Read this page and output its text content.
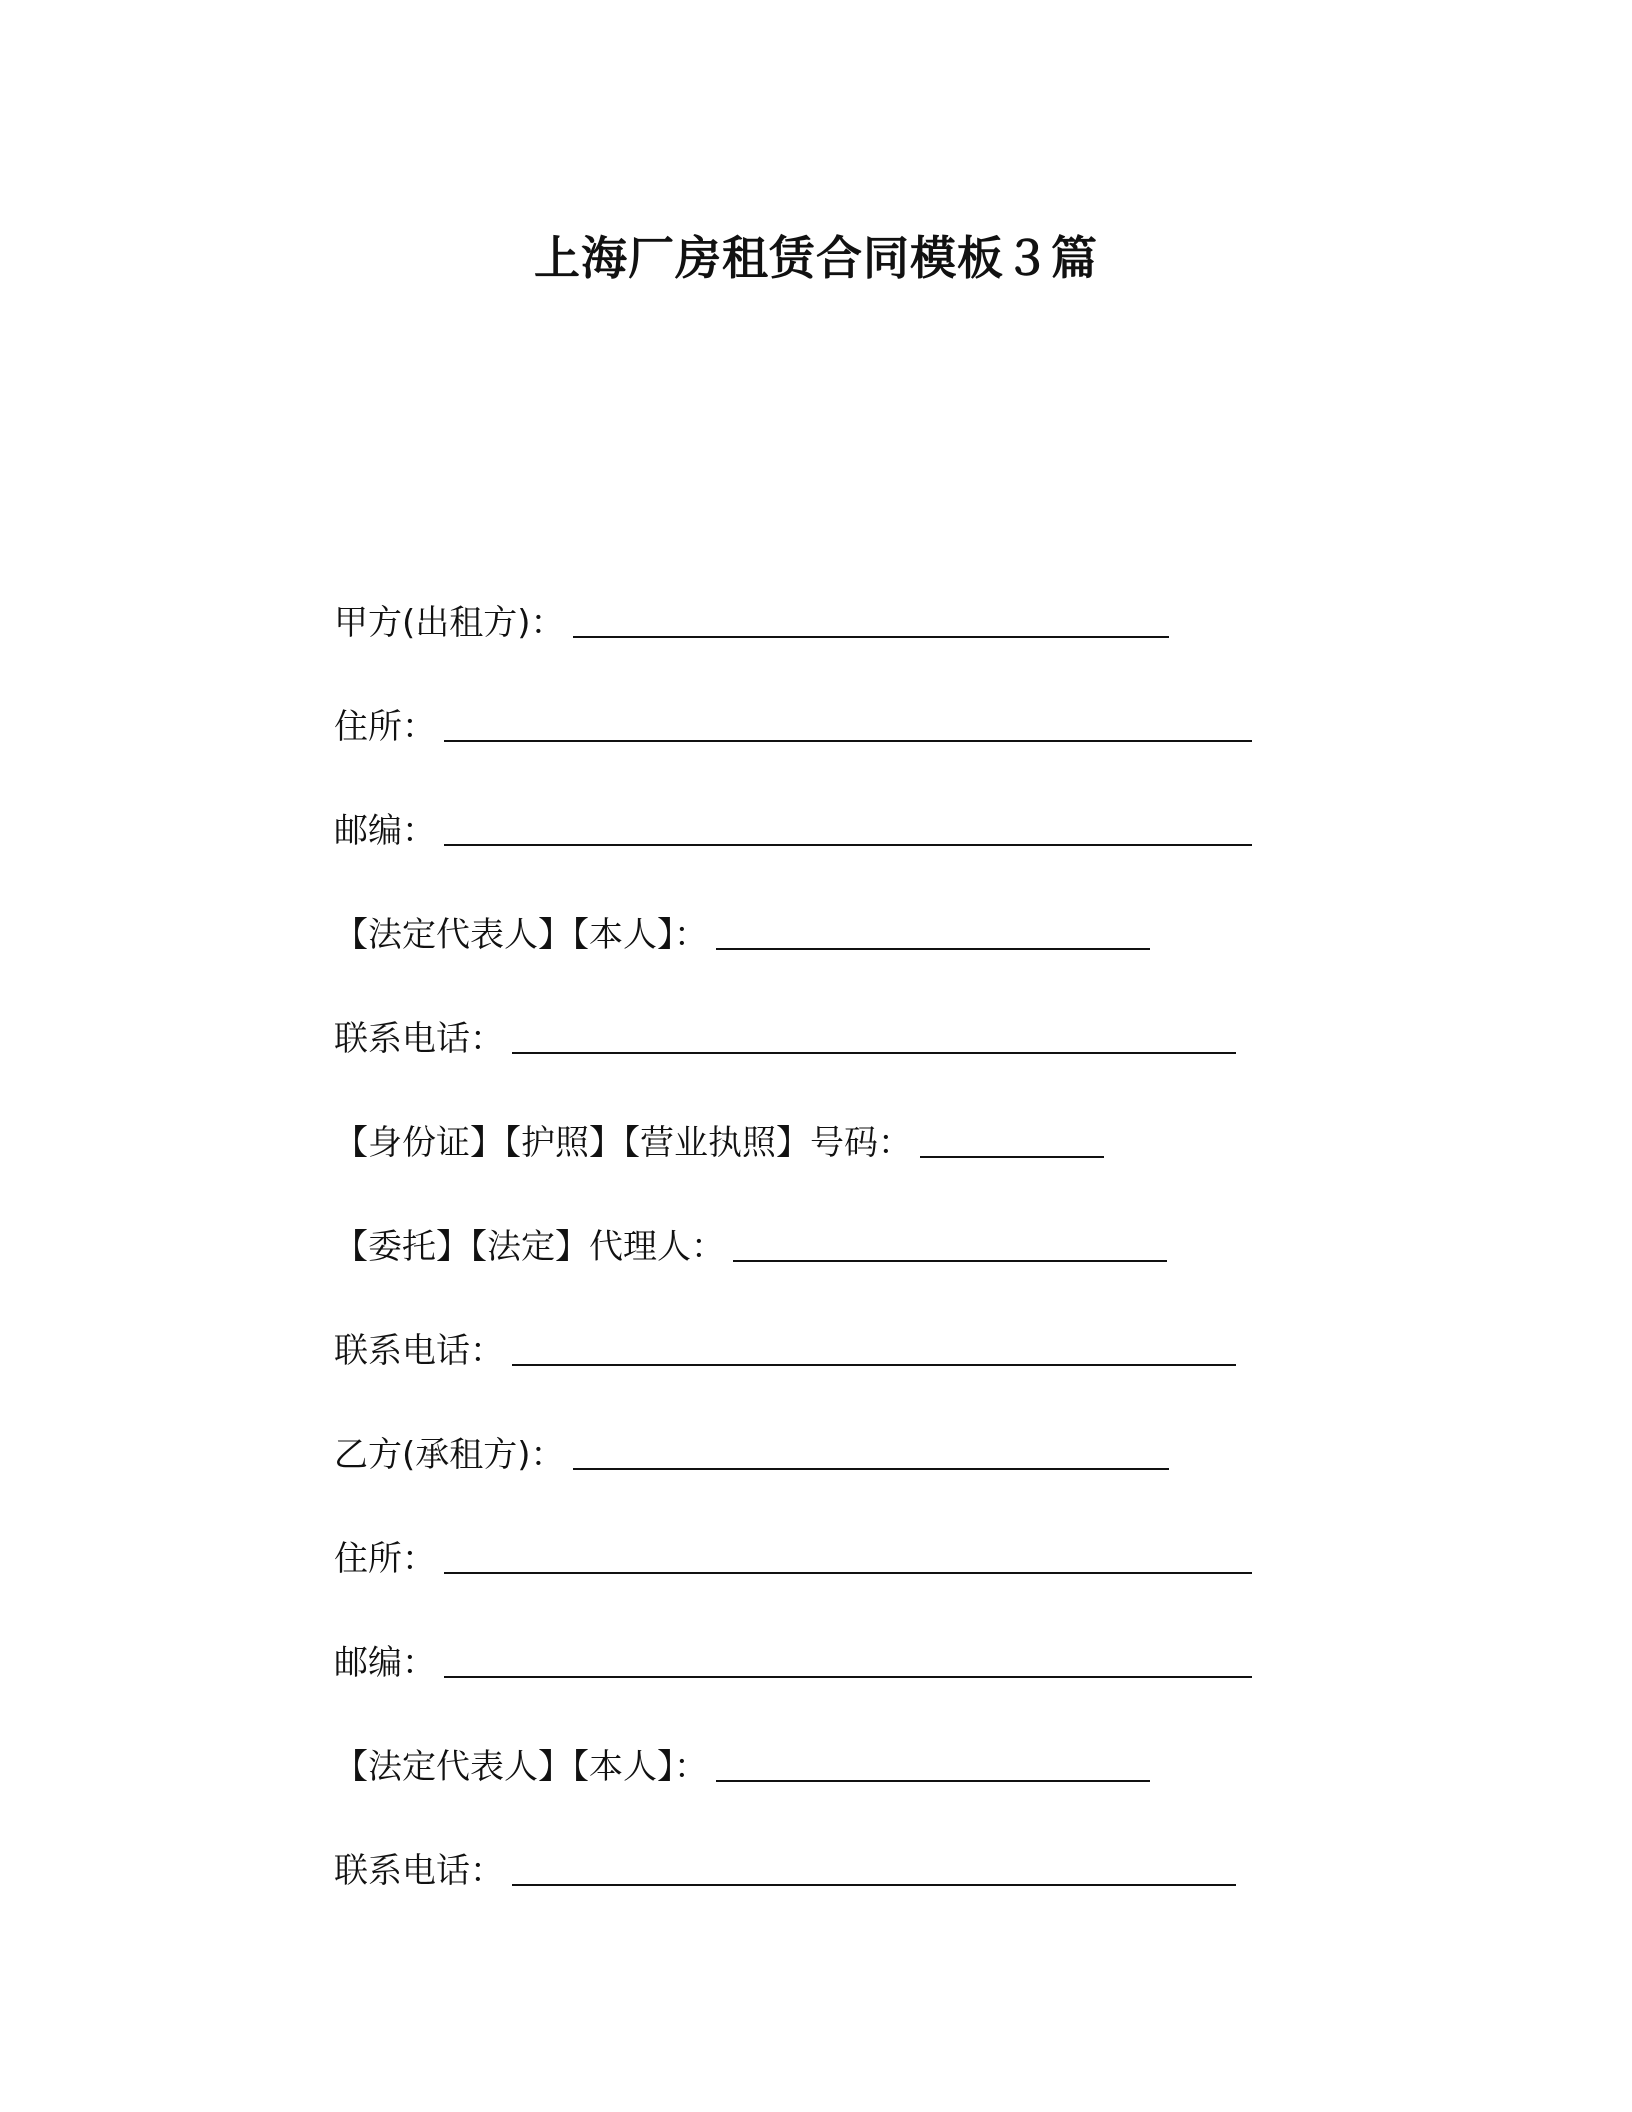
上海厂房租赁合同模板３篇
甲方(出租方)：
住所：
邮编：
【法定代表人】【本人】：
联系电话：
【身份证】【护照】【营业执照】号码：
【委托】【法定】代理人：
联系电话：
乙方(承租方)：
住所：
邮编：
【法定代表人】【本人】：
联系电话：
